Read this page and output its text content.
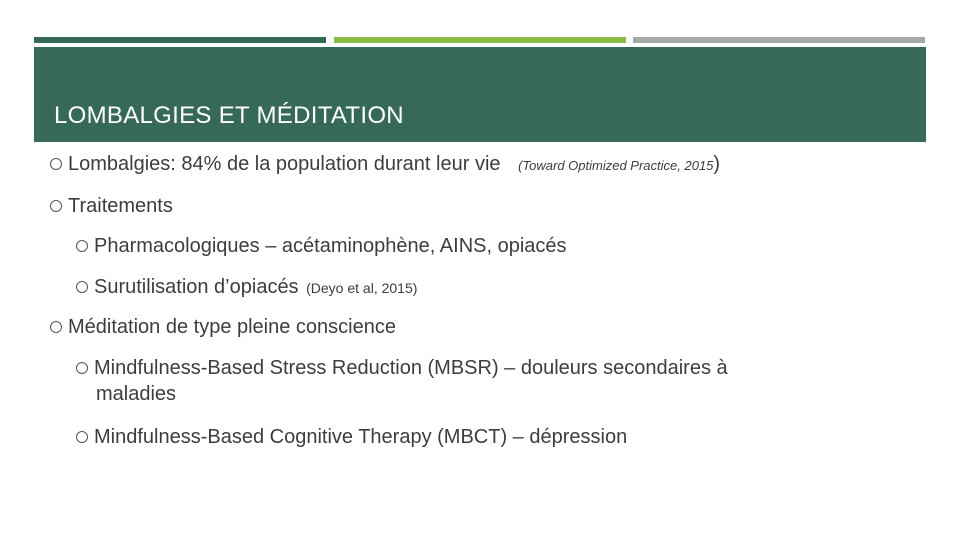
LOMBALGIES ET MÉDITATION
Lombalgies: 84% de la population durant leur vie (Toward Optimized Practice, 2015)
Traitements
Pharmacologiques – acétaminophène, AINS, opiacés
Surutilisation d’opiacés (Deyo et al, 2015)
Méditation de type pleine conscience
Mindfulness-Based Stress Reduction (MBSR) – douleurs secondaires à
maladies
Mindfulness-Based Cognitive Therapy (MBCT) – dépression
